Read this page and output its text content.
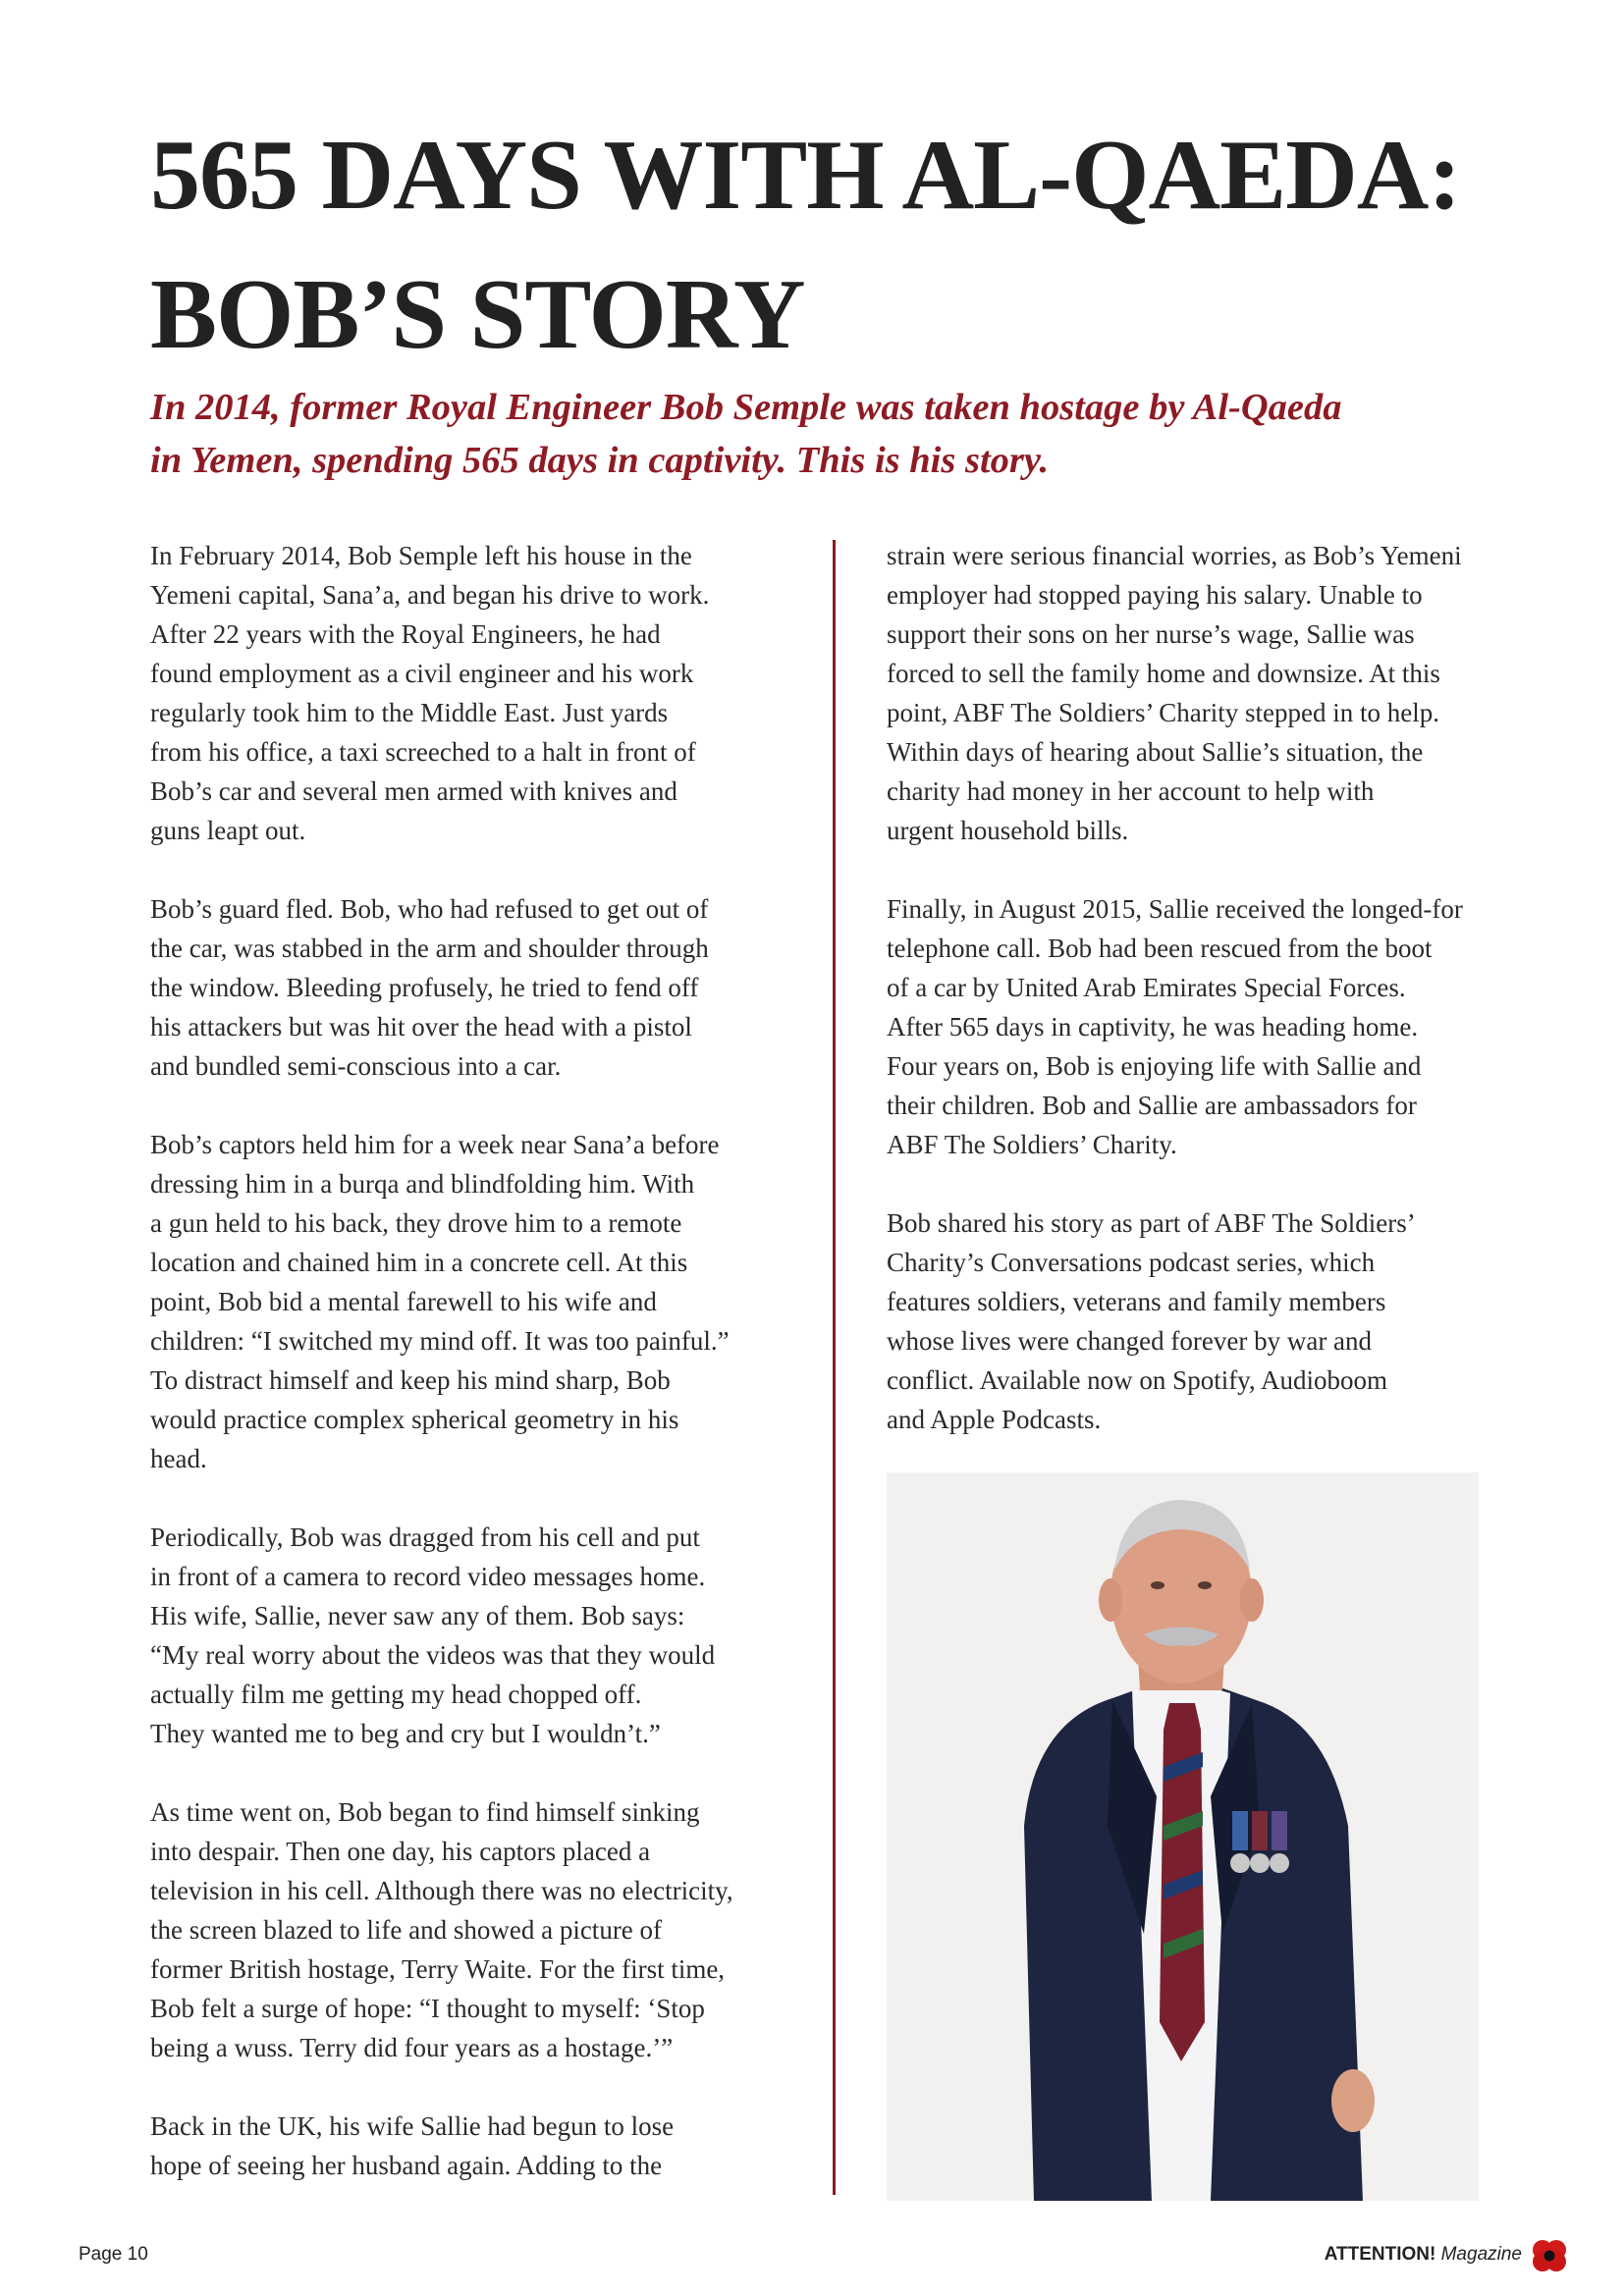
565 DAYS WITH AL-QAEDA:
BOB’S STORY
In 2014, former Royal Engineer Bob Semple was taken hostage by Al-Qaeda
in Yemen, spending 565 days in captivity. This is his story.
In February 2014, Bob Semple left his house in the
Yemeni capital, Sana’a, and began his drive to work.
After 22 years with the Royal Engineers, he had
found employment as a civil engineer and his work
regularly took him to the Middle East. Just yards
from his office, a taxi screeched to a halt in front of
Bob’s car and several men armed with knives and
guns leapt out.
Bob’s guard fled. Bob, who had refused to get out of
the car, was stabbed in the arm and shoulder through
the window. Bleeding profusely, he tried to fend off
his attackers but was hit over the head with a pistol
and bundled semi-conscious into a car.
Bob’s captors held him for a week near Sana’a before
dressing him in a burqa and blindfolding him. With
a gun held to his back, they drove him to a remote
location and chained him in a concrete cell. At this
point, Bob bid a mental farewell to his wife and
children: “I switched my mind off. It was too painful.”
To distract himself and keep his mind sharp, Bob
would practice complex spherical geometry in his
head.
Periodically, Bob was dragged from his cell and put
in front of a camera to record video messages home.
His wife, Sallie, never saw any of them. Bob says:
“My real worry about the videos was that they would
actually film me getting my head chopped off.
They wanted me to beg and cry but I wouldn’t.”
As time went on, Bob began to find himself sinking
into despair. Then one day, his captors placed a
television in his cell. Although there was no electricity,
the screen blazed to life and showed a picture of
former British hostage, Terry Waite. For the first time,
Bob felt a surge of hope: “I thought to myself: ‘Stop
being a wuss. Terry did four years as a hostage.’”
Back in the UK, his wife Sallie had begun to lose
hope of seeing her husband again. Adding to the
strain were serious financial worries, as Bob’s Yemeni
employer had stopped paying his salary. Unable to
support their sons on her nurse’s wage, Sallie was
forced to sell the family home and downsize. At this
point, ABF The Soldiers’ Charity stepped in to help.
Within days of hearing about Sallie’s situation, the
charity had money in her account to help with
urgent household bills.
Finally, in August 2015, Sallie received the longed-for
telephone call. Bob had been rescued from the boot
of a car by United Arab Emirates Special Forces.
After 565 days in captivity, he was heading home.
Four years on, Bob is enjoying life with Sallie and
their children. Bob and Sallie are ambassadors for
ABF The Soldiers’ Charity.
Bob shared his story as part of ABF The Soldiers’
Charity’s Conversations podcast series, which
features soldiers, veterans and family members
whose lives were changed forever by war and
conflict. Available now on Spotify, Audioboom
and Apple Podcasts.
Page 10	ATTENTION! Magazine
